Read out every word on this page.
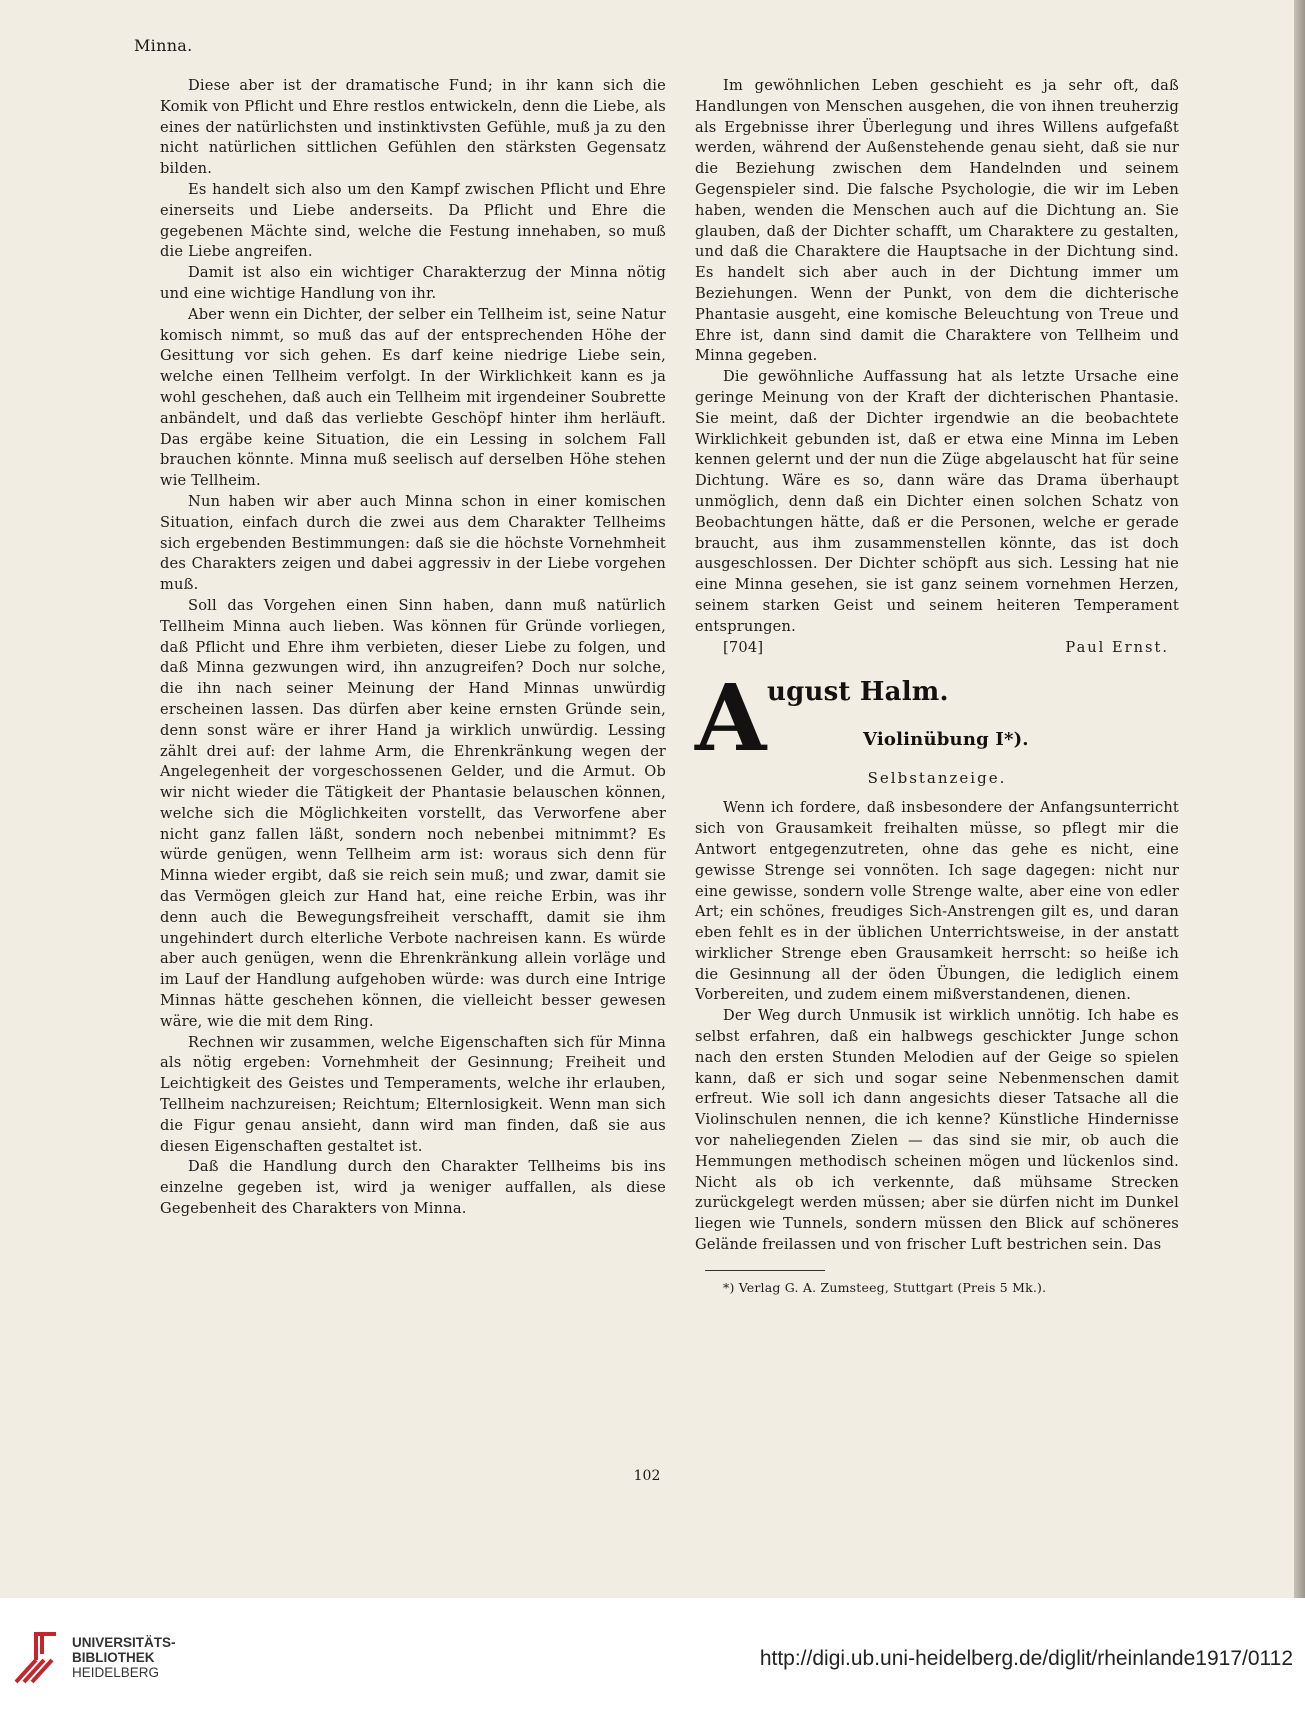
Minna.

Diese aber ist der dramatische Fund; in ihr kann sich die Komik von Pflicht und Ehre restlos entwickeln, denn die Liebe, als eines der natürlichsten und instinktivsten Gefühle, muß ja zu den nicht natürlichen sittlichen Gefühlen den stärksten Gegensatz bilden.

Es handelt sich also um den Kampf zwischen Pflicht und Ehre einerseits und Liebe anderseits. Da Pflicht und Ehre die gegebenen Mächte sind, welche die Festung innehaben, so muß die Liebe angreifen.

Damit ist also ein wichtiger Charakterzug der Minna nötig und eine wichtige Handlung von ihr.

Aber wenn ein Dichter, der selber ein Tellheim ist, seine Natur komisch nimmt, so muß das auf der entsprechenden Höhe der Gesittung vor sich gehen. Es darf keine niedrige Liebe sein, welche einen Tellheim verfolgt. In der Wirklichkeit kann es ja wohl geschehen, daß auch ein Tellheim mit irgendeiner Soubrette anbändelt, und daß das verliebte Geschöpf hinter ihm herläuft. Das ergäbe keine Situation, die ein Lessing in solchem Fall brauchen könnte. Minna muß seelisch auf derselben Höhe stehen wie Tellheim.

Nun haben wir aber auch Minna schon in einer komischen Situation, einfach durch die zwei aus dem Charakter Tellheims sich ergebenden Bestimmungen: daß sie die höchste Vornehmheit des Charakters zeigen und dabei aggressiv in der Liebe vorgehen muß.

Soll das Vorgehen einen Sinn haben, dann muß natürlich Tellheim Minna auch lieben. Was können für Gründe vorliegen, daß Pflicht und Ehre ihm verbieten, dieser Liebe zu folgen, und daß Minna gezwungen wird, ihn anzugreifen? Doch nur solche, die ihn nach seiner Meinung der Hand Minnas unwürdig erscheinen lassen. Das dürfen aber keine ernsten Gründe sein, denn sonst wäre er ihrer Hand ja wirklich unwürdig. Lessing zählt drei auf: der lahme Arm, die Ehrenkränkung wegen der Angelegenheit der vorgeschossenen Gelder, und die Armut. Ob wir nicht wieder die Tätigkeit der Phantasie belauschen können, welche sich die Möglichkeiten vorstellt, das Verworfene aber nicht ganz fallen läßt, sondern noch nebenbei mitnimmt? Es würde genügen, wenn Tellheim arm ist: woraus sich denn für Minna wieder ergibt, daß sie reich sein muß; und zwar, damit sie das Vermögen gleich zur Hand hat, eine reiche Erbin, was ihr denn auch die Bewegungsfreiheit verschafft, damit sie ihm ungehindert durch elterliche Verbote nachreisen kann. Es würde aber auch genügen, wenn die Ehrenkränkung allein vorläge und im Lauf der Handlung aufgehoben würde: was durch eine Intrige Minnas hätte geschehen können, die vielleicht besser gewesen wäre, wie die mit dem Ring.

Rechnen wir zusammen, welche Eigenschaften sich für Minna als nötig ergeben: Vornehmheit der Gesinnung; Freiheit und Leichtigkeit des Geistes und Temperaments, welche ihr erlauben, Tellheim nachzureisen; Reichtum; Elternlosigkeit. Wenn man sich die Figur genau ansieht, dann wird man finden, daß sie aus diesen Eigenschaften gestaltet ist.

Daß die Handlung durch den Charakter Tellheims bis ins einzelne gegeben ist, wird ja weniger auffallen, als diese Gegebenheit des Charakters von Minna.

Im gewöhnlichen Leben geschieht es ja sehr oft, daß Handlungen von Menschen ausgehen, die von ihnen treuherzig als Ergebnisse ihrer Überlegung und ihres Willens aufgefaßt werden, während der Außenstehende genau sieht, daß sie nur die Beziehung zwischen dem Handelnden und seinem Gegenspieler sind. Die falsche Psychologie, die wir im Leben haben, wenden die Menschen auch auf die Dichtung an. Sie glauben, daß der Dichter schafft, um Charaktere zu gestalten, und daß die Charaktere die Hauptsache in der Dichtung sind. Es handelt sich aber auch in der Dichtung immer um Beziehungen. Wenn der Punkt, von dem die dichterische Phantasie ausgeht, eine komische Beleuchtung von Treue und Ehre ist, dann sind damit die Charaktere von Tellheim und Minna gegeben.

Die gewöhnliche Auffassung hat als letzte Ursache eine geringe Meinung von der Kraft der dichterischen Phantasie. Sie meint, daß der Dichter irgendwie an die beobachtete Wirklichkeit gebunden ist, daß er etwa eine Minna im Leben kennen gelernt und der nun die Züge abgelauscht hat für seine Dichtung. Wäre es so, dann wäre das Drama überhaupt unmöglich, denn daß ein Dichter einen solchen Schatz von Beobachtungen hätte, daß er die Personen, welche er gerade braucht, aus ihm zusammenstellen könnte, das ist doch ausgeschlossen. Der Dichter schöpft aus sich. Lessing hat nie eine Minna gesehen, sie ist ganz seinem vornehmen Herzen, seinem starken Geist und seinem heiteren Temperament entsprungen.

[704]	Paul Ernst.

A ugust Halm.
Violinübung I*).
Selbstanzeige.

Wenn ich fordere, daß insbesondere der Anfangsunterricht sich von Grausamkeit freihalten müsse, so pflegt mir die Antwort entgegenzutreten, ohne das gehe es nicht, eine gewisse Strenge sei vonnöten. Ich sage dagegen: nicht nur eine gewisse, sondern volle Strenge walte, aber eine von edler Art; ein schönes, freudiges Sich-Anstrengen gilt es, und daran eben fehlt es in der üblichen Unterrichtsweise, in der anstatt wirklicher Strenge eben Grausamkeit herrscht: so heiße ich die Gesinnung all der öden Übungen, die lediglich einem Vorbereiten, und zudem einem mißverstandenen, dienen.

Der Weg durch Unmusik ist wirklich unnötig. Ich habe es selbst erfahren, daß ein halbwegs geschickter Junge schon nach den ersten Stunden Melodien auf der Geige so spielen kann, daß er sich und sogar seine Nebenmenschen damit erfreut. Wie soll ich dann angesichts dieser Tatsache all die Violinschulen nennen, die ich kenne? Künstliche Hindernisse vor naheliegenden Zielen — das sind sie mir, ob auch die Hemmungen methodisch scheinen mögen und lückenlos sind. Nicht als ob ich verkennte, daß mühsame Strecken zurückgelegt werden müssen; aber sie dürfen nicht im Dunkel liegen wie Tunnels, sondern müssen den Blick auf schöneres Gelände freilassen und von frischer Luft bestrichen sein. Das

*) Verlag G. A. Zumsteeg, Stuttgart (Preis 5 Mk.).

102
UNIVERSITÄTS-
BIBLIOTHEK
HEIDELBERG
http://digi.ub.uni-heidelberg.de/diglit/rheinlande1917/0112
